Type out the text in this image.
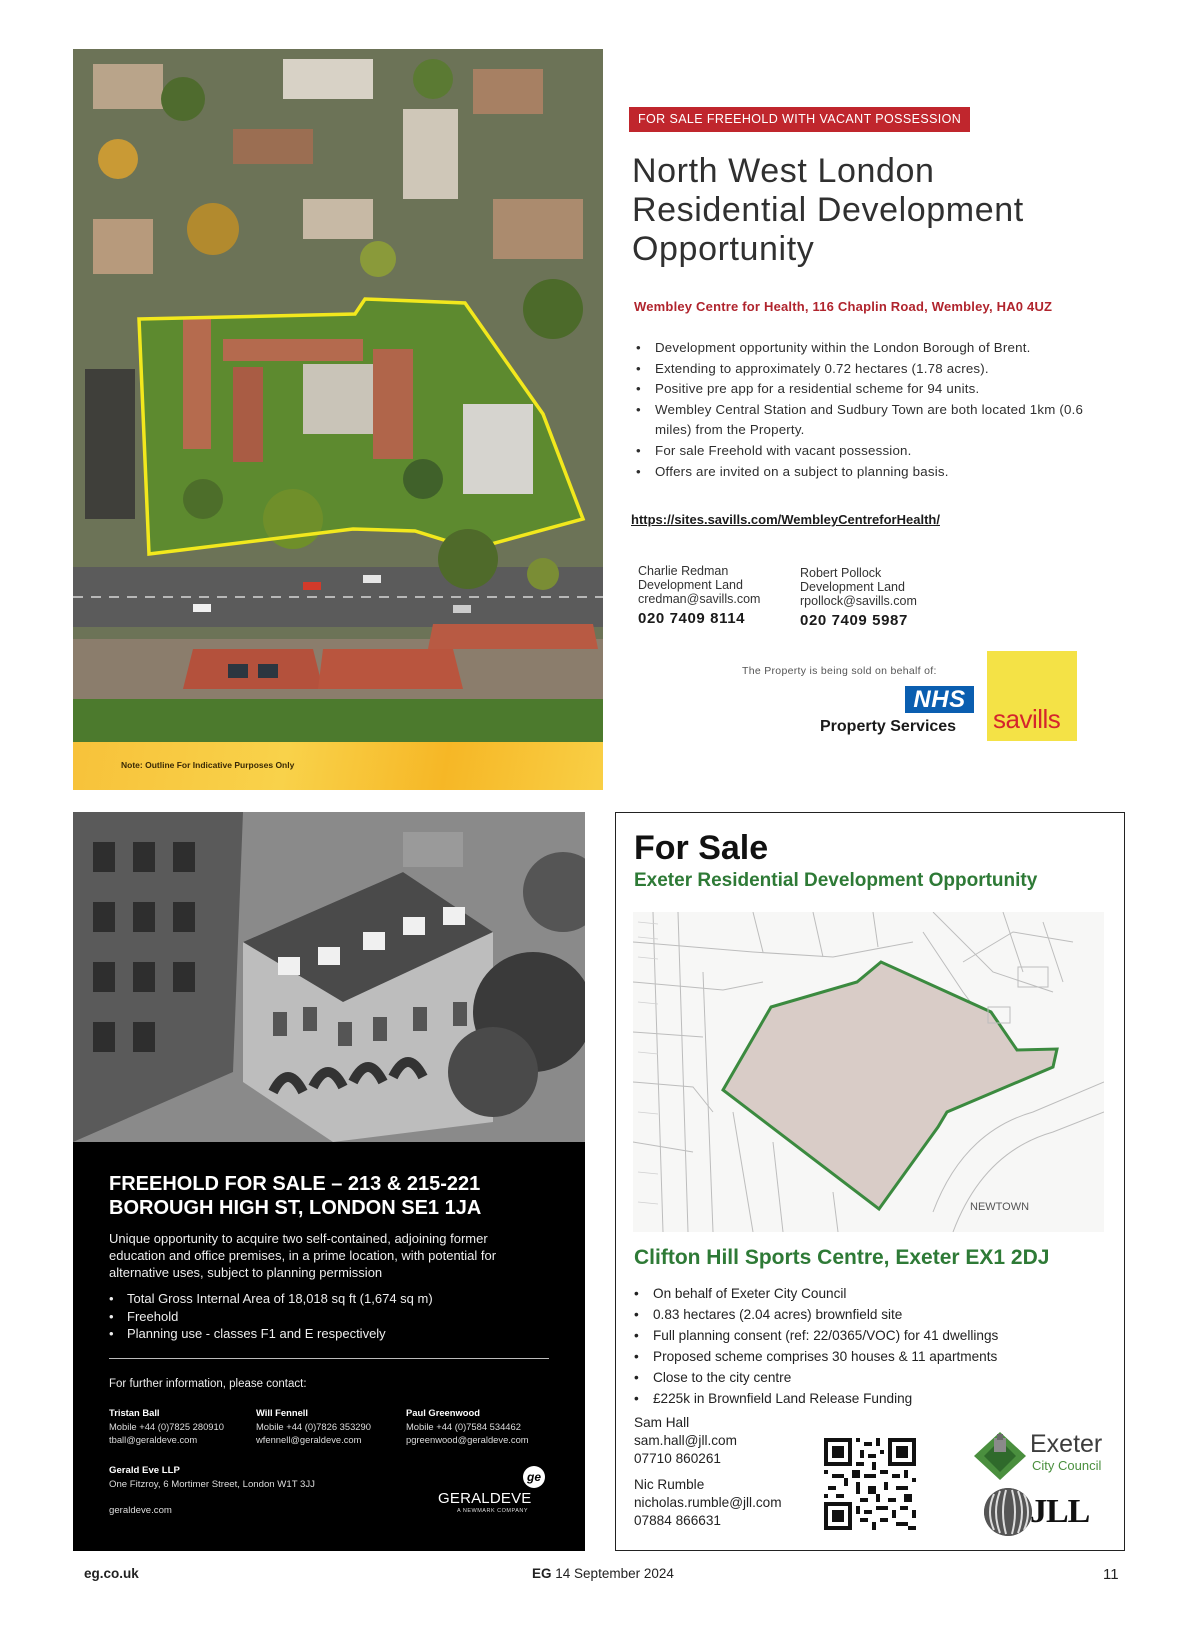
Note: Outline For Indicative Purposes Only
FOR SALE FREEHOLD WITH VACANT POSSESSION
North West London
Residential Development
Opportunity
Wembley Centre for Health, 116 Chaplin Road, Wembley, HA0 4UZ
• Development opportunity within the London Borough of Brent.
• Extending to approximately 0.72 hectares (1.78 acres).
• Positive pre app for a residential scheme for 94 units.
• Wembley Central Station and Sudbury Town are both located 1km (0.6 miles) from the Property.
• For sale Freehold with vacant possession.
• Offers are invited on a subject to planning basis.
https://sites.savills.com/WembleyCentreforHealth/
Charlie Redman
Development Land
credman@savills.com
020 7409 8114
Robert Pollock
Development Land
rpollock@savills.com
020 7409 5987
The Property is being sold on behalf of:
NHS
Property Services savills
FREEHOLD FOR SALE – 213 & 215-221
BOROUGH HIGH ST, LONDON SE1 1JA
Unique opportunity to acquire two self-contained, adjoining former education and office premises, in a prime location, with potential for alternative uses, subject to planning permission
• Total Gross Internal Area of 18,018 sq ft (1,674 sq m)
• Freehold
• Planning use - classes F1 and E respectively
For further information, please contact:
Tristan Ball
Mobile +44 (0)7825 280910
tball@geraldeve.com
Will Fennell
Mobile +44 (0)7826 353290
wfennell@geraldeve.com
Paul Greenwood
Mobile +44 (0)7584 534462
pgreenwood@geraldeve.com
Gerald Eve LLP
One Fitzroy, 6 Mortimer Street, London W1T 3JJ
geraldeve.com
ge
GERALDEVE
A NEWMARK COMPANY
For Sale
Exeter Residential Development Opportunity
NEWTOWN
Clifton Hill Sports Centre, Exeter EX1 2DJ
• On behalf of Exeter City Council
• 0.83 hectares (2.04 acres) brownfield site
• Full planning consent (ref: 22/0365/VOC) for 41 dwellings
• Proposed scheme comprises 30 houses & 11 apartments
• Close to the city centre
• £225k in Brownfield Land Release Funding
Sam Hall
sam.hall@jll.com
07710 860261
Nic Rumble
nicholas.rumble@jll.com
07884 866631
Exeter
City Council
JLL
eg.co.uk	EG 14 September 2024	11
